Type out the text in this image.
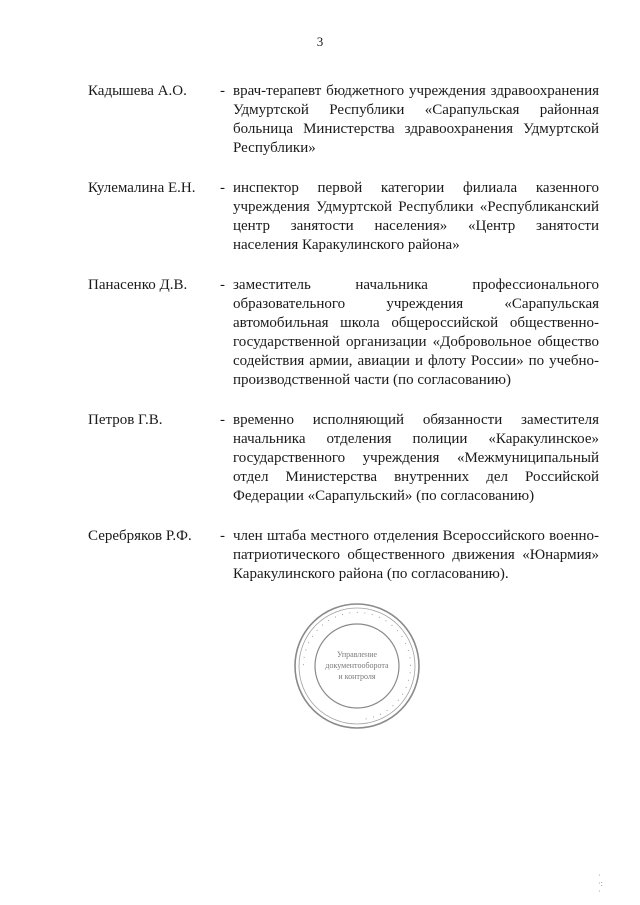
3
Кадышева А.О. - врач-терапевт бюджетного учреждения здравоохранения Удмуртской Республики «Сарапульская районная больница Министерства здравоохранения Удмуртской Республики»
Кулемалина Е.Н. - инспектор первой категории филиала казенного учреждения Удмуртской Республики «Республиканский центр занятости населения» «Центр занятости населения Каракулинского района»
Панасенко Д.В. - заместитель начальника профессионального образовательного учреждения «Сарапульская автомобильная школа общероссийской общественно-государственной организации «Добровольное общество содействия армии, авиации и флоту России» по учебно-производственной части (по согласованию)
Петров Г.В.	- временно исполняющий обязанности заместителя начальника отделения полиции «Каракулинское» государственного учреждения «Межмуниципальный отдел Министерства внутренних дел Российской Федерации «Сарапульский» (по согласованию)
Серебряков Р.Ф. - член штаба местного отделения Всероссийского военно-патриотического общественного движения «Юнармия» Каракулинского района (по согласованию).
· · · · · · · · · · · · · · · · · · · · · · · · · · · · · · · · ·
Управление
документооборота
и контроля
·
·:
·
